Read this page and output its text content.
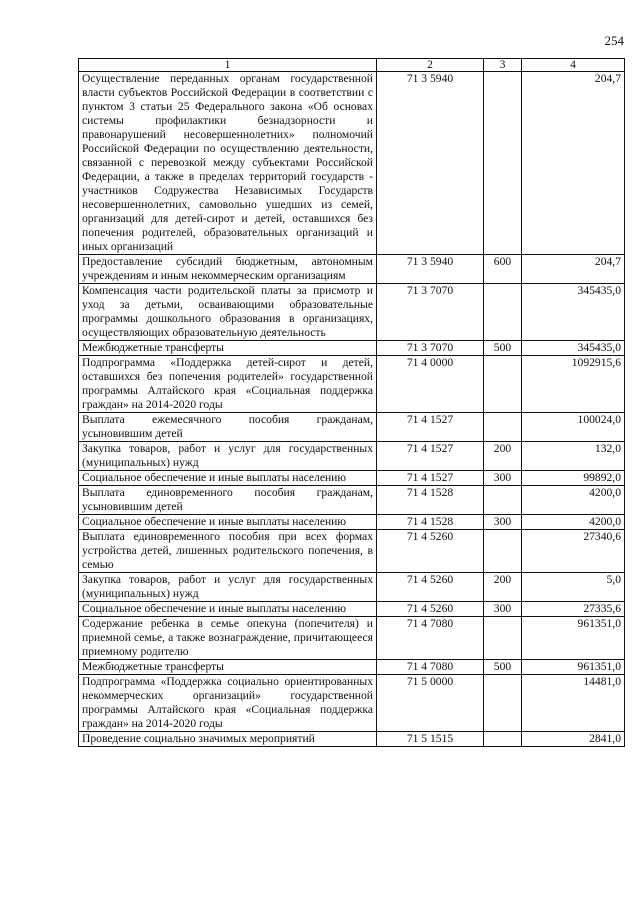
254
1	2	3	4
Осуществление переданных органам государственной власти субъектов Российской Федерации в соответствии с пунктом 3 статьи 25 Федерального закона «Об основах системы профилактики безнадзорности и правонарушений несовершеннолетних» полномочий Российской Федерации по осуществлению деятельности, связанной с перевозкой между субъектами Российской Федерации, а также в пределах территорий государств - участников Содружества Независимых Государств несовершеннолетних, самовольно ушедших из семей, организаций для детей-сирот и детей, оставшихся без попечения родителей, образовательных организаций и иных организаций	71 3 5940		204,7
Предоставление субсидий бюджетным, автономным учреждениям и иным некоммерческим организациям	71 3 5940	600	204,7
Компенсация части родительской платы за присмотр и уход за детьми, осваивающими образовательные программы дошкольного образования в организациях, осуществляющих образовательную деятельность	71 3 7070		345435,0
Межбюджетные трансферты	71 3 7070	500	345435,0
Подпрограмма «Поддержка детей-сирот и детей, оставшихся без попечения родителей» государственной программы Алтайского края «Социальная поддержка граждан» на 2014-2020 годы	71 4 0000		1092915,6
Выплата ежемесячного пособия гражданам, усыновившим детей	71 4 1527		100024,0
Закупка товаров, работ и услуг для государственных (муниципальных) нужд	71 4 1527	200	132,0
Социальное обеспечение и иные выплаты населению	71 4 1527	300	99892,0
Выплата единовременного пособия гражданам, усыновившим детей	71 4 1528		4200,0
Социальное обеспечение и иные выплаты населению	71 4 1528	300	4200,0
Выплата единовременного пособия при всех формах устройства детей, лишенных родительского попечения, в семью	71 4 5260		27340,6
Закупка товаров, работ и услуг для государственных (муниципальных) нужд	71 4 5260	200	5,0
Социальное обеспечение и иные выплаты населению	71 4 5260	300	27335,6
Содержание ребенка в семье опекуна (попечителя) и приемной семье, а также вознаграждение, причитающееся приемному родителю	71 4 7080		961351,0
Межбюджетные трансферты	71 4 7080	500	961351,0
Подпрограмма «Поддержка социально ориентированных некоммерческих организаций» государственной программы Алтайского края «Социальная поддержка граждан» на 2014-2020 годы	71 5 0000		14481,0
Проведение социально значимых мероприятий	71 5 1515		2841,0
